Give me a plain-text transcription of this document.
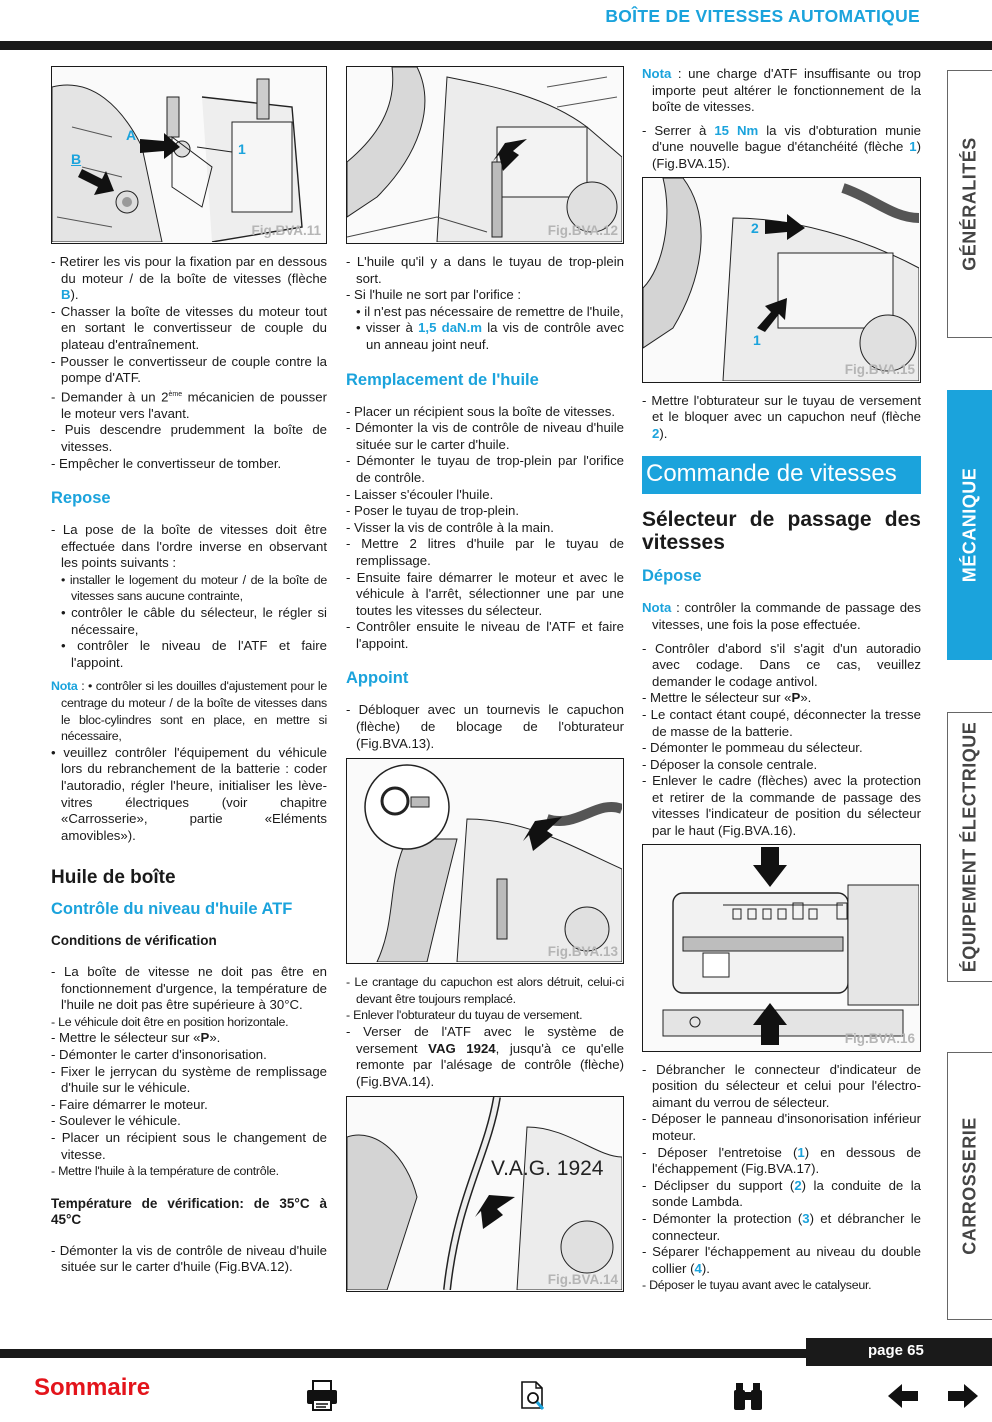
BOÎTE DE VITESSES AUTOMATIQUE
A
B
1
Fig.BVA.11
- Retirer les vis pour la fixation par en dessous du moteur / de la boîte de vitesses (flèche B).
- Chasser la boîte de vitesses du moteur tout en sortant le convertisseur de couple du plateau d'entraînement.
- Pousser le convertisseur de couple contre la pompe d'ATF.
- Demander à un 2ème mécanicien de pousser le moteur vers l'avant.
- Puis descendre prudemment la boîte de vitesses.
- Empêcher le convertisseur de tomber.
Repose
- La pose de la boîte de vitesses doit être effectuée dans l'ordre inverse en observant les points suivants :
• installer le logement du moteur / de la boîte de vitesses sans aucune contrainte,
• contrôler le câble du sélecteur, le régler si nécessaire,
• contrôler le niveau de l'ATF et faire l'appoint.
Nota : • contrôler si les douilles d'ajustement pour le centrage du moteur / de la boîte de vitesses dans le bloc-cylindres sont en place, en mettre si nécessaire,
• veuillez contrôler l'équipement du véhicule lors du rebranchement de la batterie : coder l'autoradio, régler l'heure, initialiser les lève-vitres électriques (voir chapitre «Carrosserie», partie «Eléments amovibles»).
Huile de boîte
Contrôle du niveau d'huile ATF
Conditions de vérification
- La boîte de vitesse ne doit pas être en fonctionnement d'urgence, la température de l'huile ne doit pas être supérieure à 30°C.
- Le véhicule doit être en position horizontale.
- Mettre le sélecteur sur «P».
- Démonter le carter d'insonorisation.
- Fixer le jerrycan du système de remplissage d'huile sur le véhicule.
- Faire démarrer le moteur.
- Soulever le véhicule.
- Placer un récipient sous le changement de vitesse.
- Mettre l'huile à la température de contrôle.
Température de vérification: de 35°C à 45°C
- Démonter la vis de contrôle de niveau d'huile située sur le carter d'huile (Fig.BVA.12).
Fig.BVA.12
- L'huile qu'il y a dans le tuyau de trop-plein sort.
- Si l'huile ne sort par l'orifice :
• il n'est pas nécessaire de remettre de l'huile,
• visser à 1,5 daN.m la vis de contrôle avec un anneau joint neuf.
Remplacement de l'huile
- Placer un récipient sous la boîte de vitesses.
- Démonter la vis de contrôle de niveau d'huile située sur le carter d'huile.
- Démonter le tuyau de trop-plein par l'orifice de contrôle.
- Laisser s'écouler l'huile.
- Poser le tuyau de trop-plein.
- Visser la vis de contrôle à la main.
- Mettre 2 litres d'huile par le tuyau de remplissage.
- Ensuite faire démarrer le moteur et avec le véhicule à l'arrêt, sélectionner une par une toutes les vitesses du sélecteur.
- Contrôler ensuite le niveau de l'ATF et faire l'appoint.
Appoint
- Débloquer avec un tournevis le capuchon (flèche) de blocage de l'obturateur (Fig.BVA.13).
Fig.BVA.13
- Le crantage du capuchon est alors détruit, celui-ci devant être toujours remplacé.
- Enlever l'obturateur du tuyau de versement.
- Verser de l'ATF avec le système de versement VAG 1924, jusqu'à ce qu'elle remonte par l'alésage de contrôle (flèche) (Fig.BVA.14).
V.A.G. 1924
Fig.BVA.14
Nota : une charge d'ATF insuffisante ou trop importe peut altérer le fonctionnement de la boîte de vitesses.
- Serrer à 15 Nm la vis d'obturation munie d'une nouvelle bague d'étanchéité (flèche 1) (Fig.BVA.15).
2
1
Fig.BVA.15
- Mettre l'obturateur sur le tuyau de versement et le bloquer avec un capuchon neuf (flèche 2).
Commande de vitesses
Sélecteur de passage des vitesses
Dépose
Nota : contrôler la commande de passage des vitesses, une fois la pose effectuée.
- Contrôler d'abord s'il s'agit d'un autoradio avec codage. Dans ce cas, veuillez demander le codage antivol.
- Mettre le sélecteur sur «P».
- Le contact étant coupé, déconnecter la tresse de masse de la batterie.
- Démonter le pommeau du sélecteur.
- Déposer la console centrale.
- Enlever le cadre (flèches) avec la protection et retirer de la commande de passage des vitesses l'indicateur de position du sélecteur par le haut (Fig.BVA.16).
Fig.BVA.16
- Débrancher le connecteur d'indicateur de position du sélecteur et celui pour l'électro-aimant du verrou de sélecteur.
- Déposer le panneau d'insonorisation inférieur moteur.
- Déposer l'entretoise (1) en dessous de l'échappement (Fig.BVA.17).
- Déclipser du support (2) la conduite de la sonde Lambda.
- Démonter la protection (3) et débrancher le connecteur.
- Séparer l'échappement au niveau du double collier (4).
- Déposer le tuyau avant avec le catalyseur.
GÉNÉRALITÉS
MÉCANIQUE
ÉQUIPEMENT ÉLECTRIQUE
CARROSSERIE
page 65
Sommaire
